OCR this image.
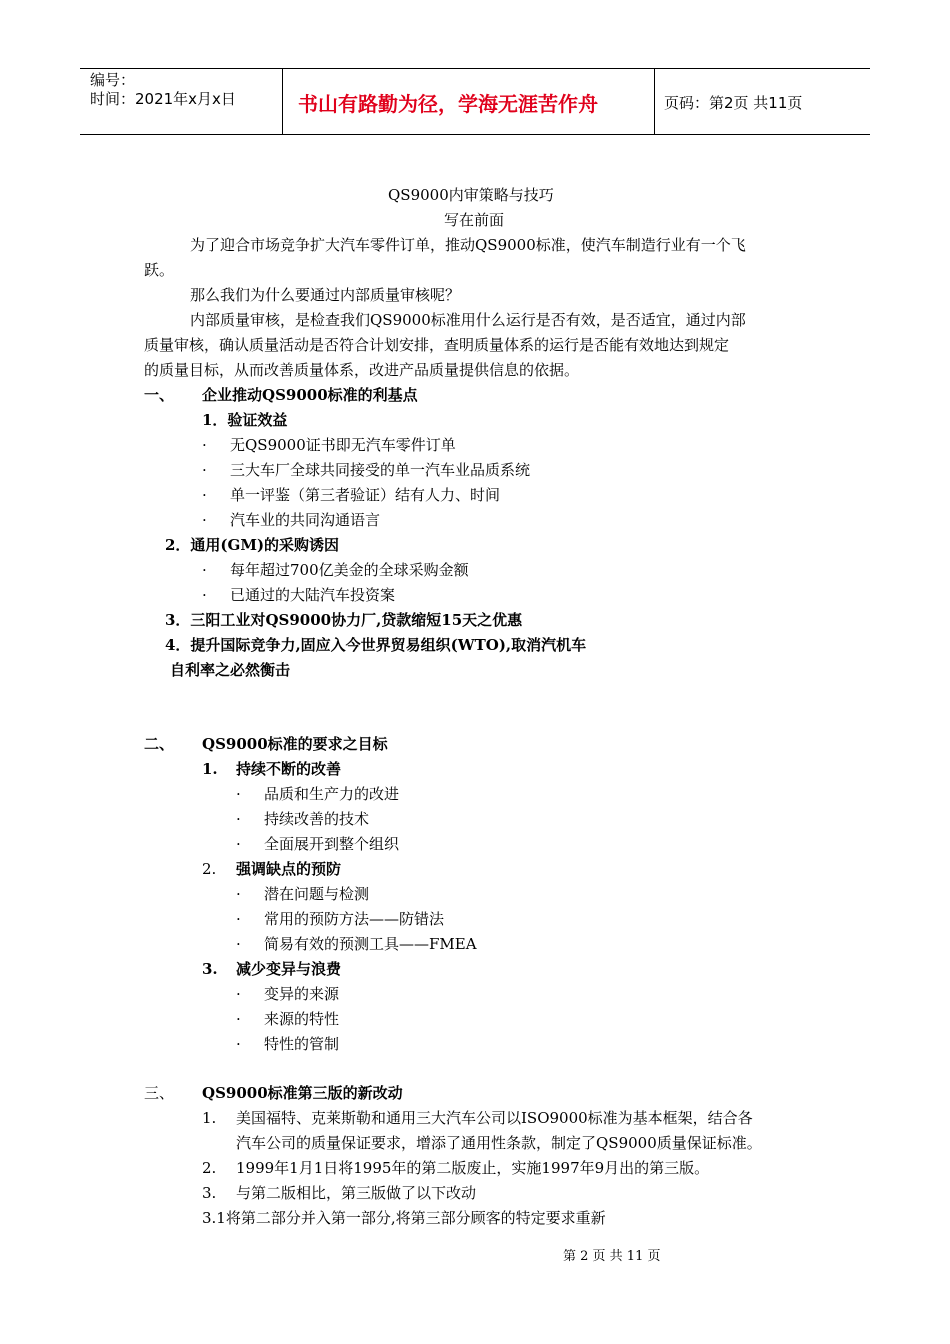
编号：
时间：2021年x月x日	书山有路勤为径，学海无涯苦作舟	页码：第2页 共11页
QS9000内审策略与技巧
写在前面
为了迎合市场竞争扩大汽车零件订单，推动QS9000标准，使汽车制造行业有一个飞
跃。
那么我们为什么要通过内部质量审核呢？
内部质量审核，是检查我们QS9000标准用什么运行是否有效，是否适宜，通过内部
质量审核，确认质量活动是否符合计划安排，查明质量体系的运行是否能有效地达到规定
的质量目标，从而改善质量体系，改进产品质量提供信息的依据。
一、 企业推动QS9000标准的利基点
1．验证效益
· 无QS9000证书即无汽车零件订单
· 三大车厂全球共同接受的单一汽车业品质系统
· 单一评鉴（第三者验证）结有人力、时间
· 汽车业的共同沟通语言
2．通用(GM)的采购诱因
· 每年超过700亿美金的全球采购金额
· 已通过的大陆汽车投资案
3．三阳工业对QS9000协力厂,贷款缩短15天之优惠
4．提升国际竞争力,固应入今世界贸易组织(WTO),取消汽机车
自利率之必然衡击
二、 QS9000标准的要求之目标
1. 持续不断的改善
· 品质和生产力的改进
· 持续改善的技术
· 全面展开到整个组织
2. 强调缺点的预防
· 潜在问题与检测
· 常用的预防方法——防错法
· 简易有效的预测工具——FMEA
3. 减少变异与浪费
· 变异的来源
· 来源的特性
· 特性的管制
三、 QS9000标准第三版的新改动
1. 美国福特、克莱斯勒和通用三大汽车公司以ISO9000标准为基本框架，结合各
汽车公司的质量保证要求，增添了通用性条款，制定了QS9000质量保证标准。
2. 1999年1月1日将1995年的第二版废止，实施1997年9月出的第三版。
3. 与第二版相比，第三版做了以下改动
3.1将第二部分并入第一部分,将第三部分顾客的特定要求重新
第 2 页 共 11 页
